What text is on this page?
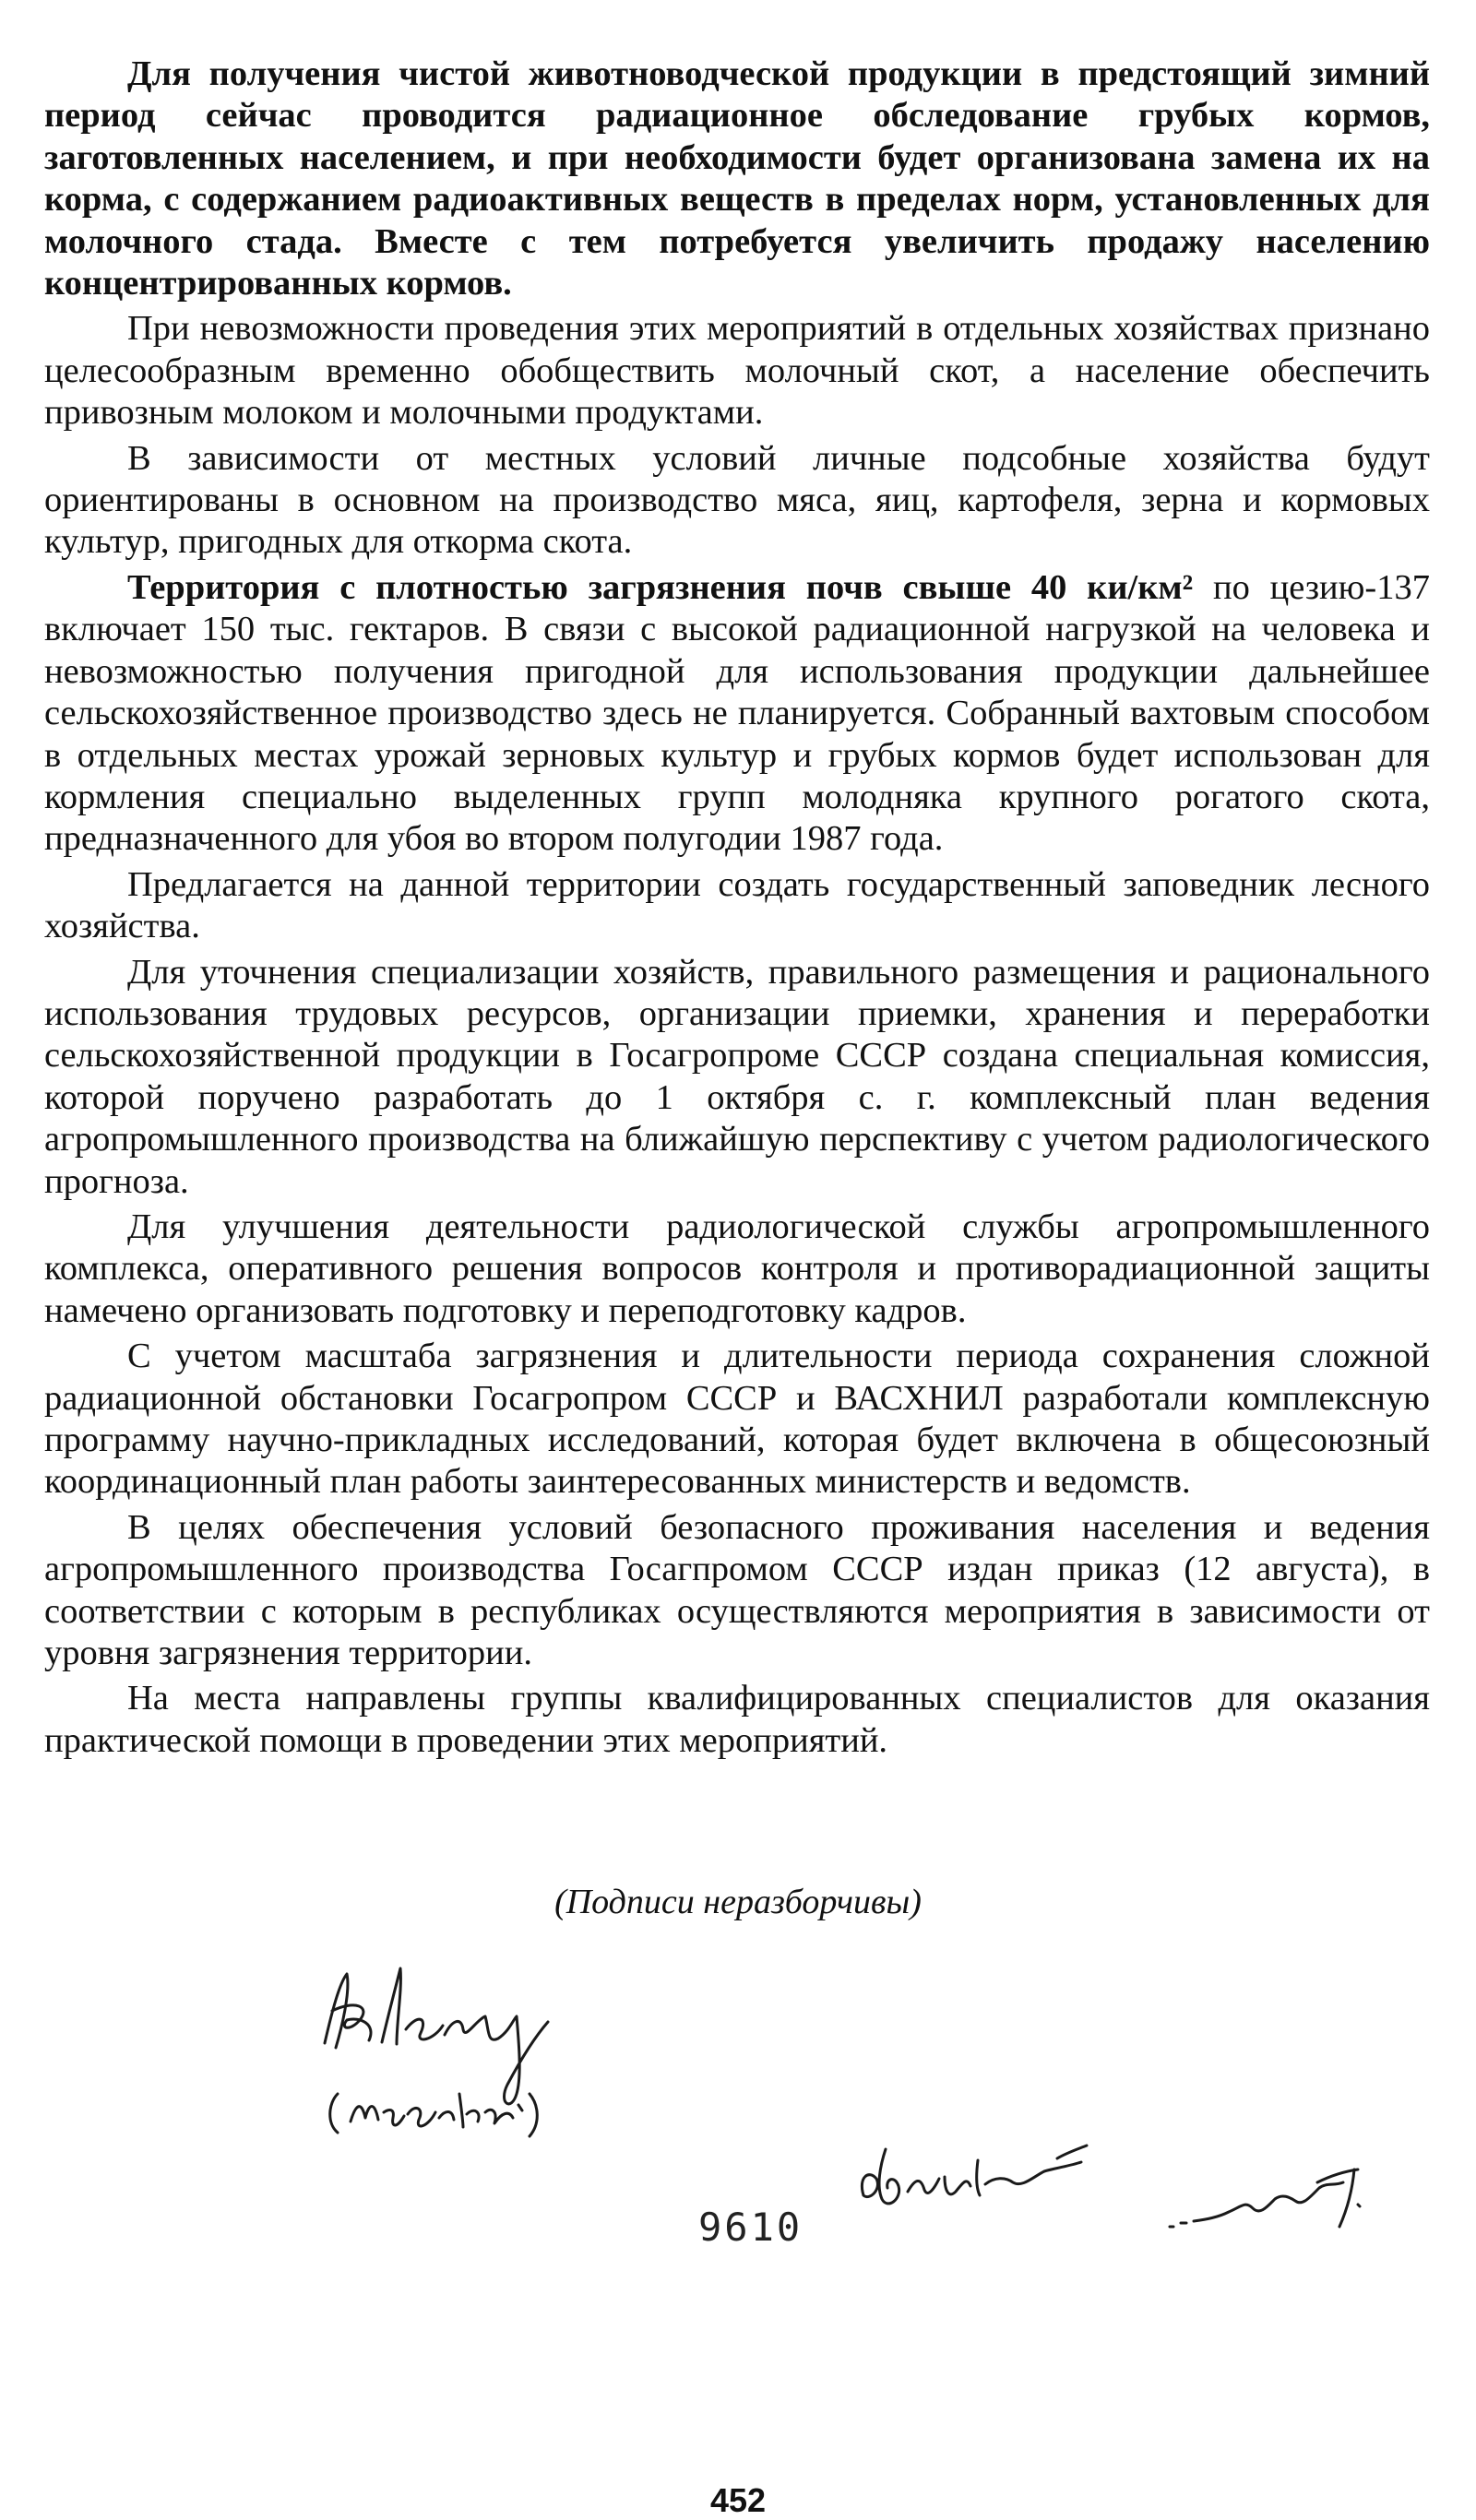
Для получения чистой животноводческой продукции в предстоящий зимний период сейчас проводится радиационное обследование грубых кормов, заготовленных населением, и при необходимости будет организована замена их на корма, с содержанием радиоактивных веществ в пределах норм, установленных для молочного стада. Вместе с тем потребуется увеличить продажу населению концентрированных кормов.

При невозможности проведения этих мероприятий в отдельных хозяйствах признано целесообразным временно обобществить молочный скот, а население обеспечить привозным молоком и молочными продуктами.

В зависимости от местных условий личные подсобные хозяйства будут ориентированы в основном на производство мяса, яиц, картофеля, зерна и кормовых культур, пригодных для откорма скота.

Территория с плотностью загрязнения почв свыше 40 ки/км² по цезию-137 включает 150 тыс. гектаров. В связи с высокой радиационной нагрузкой на человека и невозможностью получения пригодной для использования продукции дальнейшее сельскохозяйственное производство здесь не планируется. Собранный вахтовым способом в отдельных местах урожай зерновых культур и грубых кормов будет использован для кормления специально выделенных групп молодняка крупного рогатого скота, предназначенного для убоя во втором полугодии 1987 года.

Предлагается на данной территории создать государственный заповедник лесного хозяйства.

Для уточнения специализации хозяйств, правильного размещения и рационального использования трудовых ресурсов, организации приемки, хранения и переработки сельскохозяйственной продукции в Госагропроме СССР создана специальная комиссия, которой поручено разработать до 1 октября с. г. комплексный план ведения агропромышленного производства на ближайшую перспективу с учетом радиологического прогноза.

Для улучшения деятельности радиологической службы агропромышленного комплекса, оперативного решения вопросов контроля и противорадиационной защиты намечено организовать подготовку и переподготовку кадров.

С учетом масштаба загрязнения и длительности периода сохранения сложной радиационной обстановки Госагропром СССР и ВАСХНИЛ разработали комплексную программу научно-прикладных исследований, которая будет включена в общесоюзный координационный план работы заинтересованных министерств и ведомств.

В целях обеспечения условий безопасного проживания населения и ведения агропромышленного производства Госагпромом СССР издан приказ (12 августа), в соответствии с которым в республиках осуществляются мероприятия в зависимости от уровня загрязнения территории.

На места направлены группы квалифицированных специалистов для оказания практической помощи в проведении этих мероприятий.

(Подписи неразборчивы)
9610
452
